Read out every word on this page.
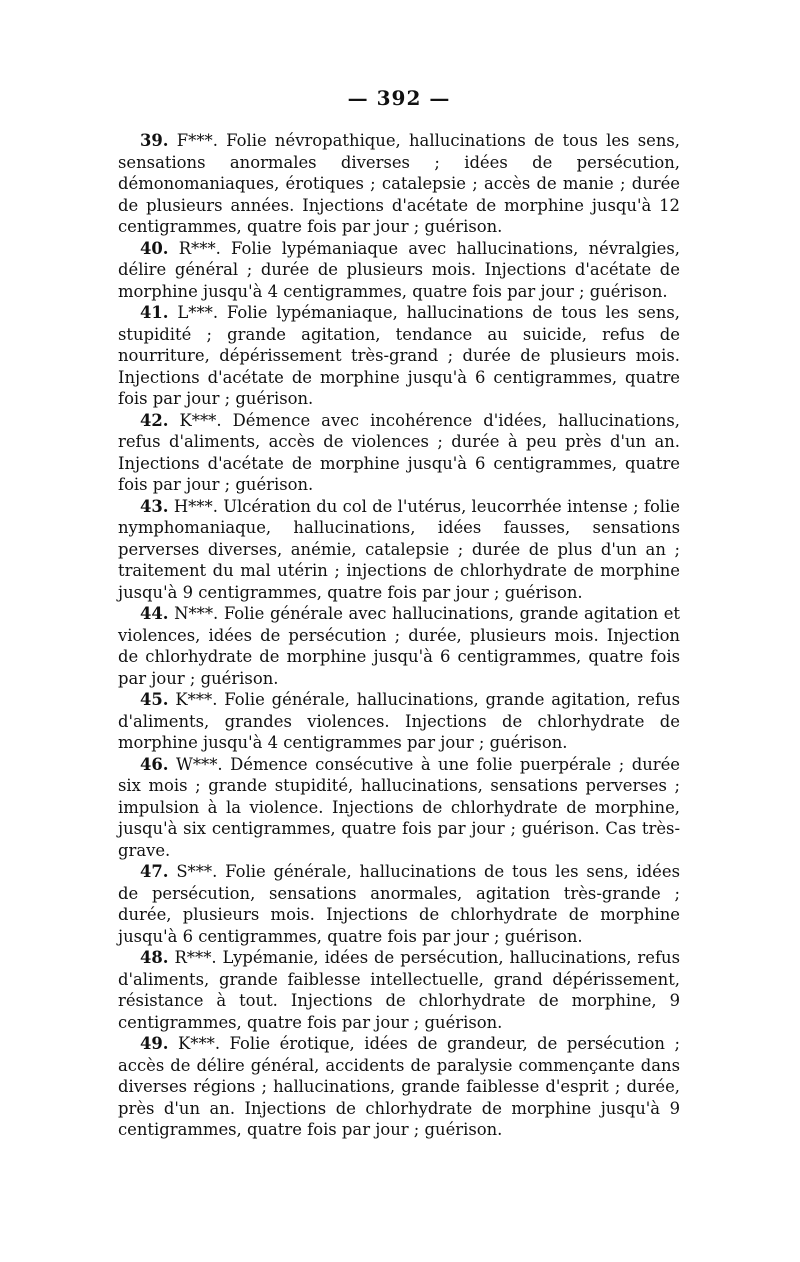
— 392 —

39. F***. Folie névropathique, hallucinations de tous les sens, sensations anormales diverses ; idées de persécution, démonomaniaques, érotiques ; catalepsie ; accès de manie ; durée de plusieurs années. Injections d'acétate de morphine jusqu'à 12 centigrammes, quatre fois par jour ; guérison.

40. R***. Folie lypémaniaque avec hallucinations, névralgies, délire général ; durée de plusieurs mois. Injections d'acétate de morphine jusqu'à 4 centigrammes, quatre fois par jour ; guérison.

41. L***. Folie lypémaniaque, hallucinations de tous les sens, stupidité ; grande agitation, tendance au suicide, refus de nourriture, dépérissement très-grand ; durée de plusieurs mois. Injections d'acétate de morphine jusqu'à 6 centigrammes, quatre fois par jour ; guérison.

42. K***. Démence avec incohérence d'idées, hallucinations, refus d'aliments, accès de violences ; durée à peu près d'un an. Injections d'acétate de morphine jusqu'à 6 centigrammes, quatre fois par jour ; guérison.

43. H***. Ulcération du col de l'utérus, leucorrhée intense ; folie nymphomaniaque, hallucinations, idées fausses, sensations perverses diverses, anémie, catalepsie ; durée de plus d'un an ; traitement du mal utérin ; injections de chlorhydrate de morphine jusqu'à 9 centigrammes, quatre fois par jour ; guérison.

44. N***. Folie générale avec hallucinations, grande agitation et violences, idées de persécution ; durée, plusieurs mois. Injection de chlorhydrate de morphine jusqu'à 6 centigrammes, quatre fois par jour ; guérison.

45. K***. Folie générale, hallucinations, grande agitation, refus d'aliments, grandes violences. Injections de chlorhydrate de morphine jusqu'à 4 centigrammes par jour ; guérison.

46. W***. Démence consécutive à une folie puerpérale ; durée six mois ; grande stupidité, hallucinations, sensations perverses ; impulsion à la violence. Injections de chlorhydrate de morphine, jusqu'à six centigrammes, quatre fois par jour ; guérison. Cas très-grave.

47. S***. Folie générale, hallucinations de tous les sens, idées de persécution, sensations anormales, agitation très-grande ; durée, plusieurs mois. Injections de chlorhydrate de morphine jusqu'à 6 centigrammes, quatre fois par jour ; guérison.

48. R***. Lypémanie, idées de persécution, hallucinations, refus d'aliments, grande faiblesse intellectuelle, grand dépérissement, résistance à tout. Injections de chlorhydrate de morphine, 9 centigrammes, quatre fois par jour ; guérison.

49. K***. Folie érotique, idées de grandeur, de persécution ; accès de délire général, accidents de paralysie commençante dans diverses régions ; hallucinations, grande faiblesse d'esprit ; durée, près d'un an. Injections de chlorhydrate de morphine jusqu'à 9 centigrammes, quatre fois par jour ; guérison.
